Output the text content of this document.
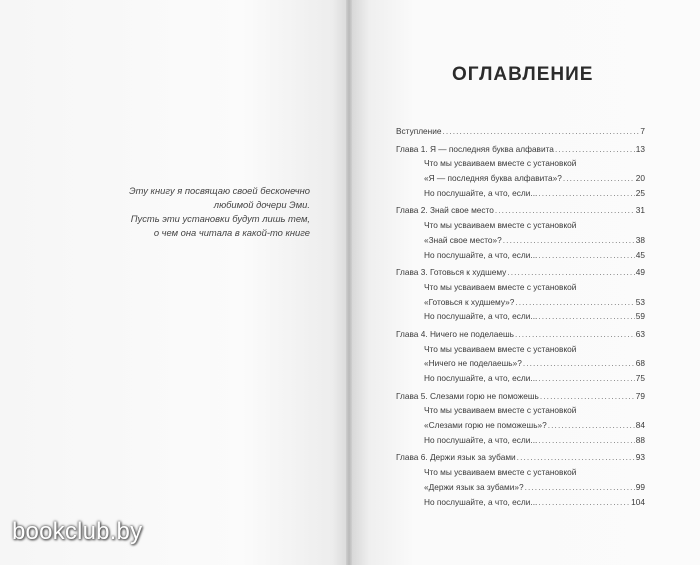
Эту книгу я посвящаю своей бесконечно
любимой дочери Эми.
Пусть эти установки будут лишь тем,
о чем она читала в какой-то книге
ОГЛАВЛЕНИЕ
Вступление .....	7
Глава 1. Я — последняя буква алфавита .....	13
Что мы усваиваем вместе с установкой
«Я — последняя буква алфавита»? .....	20
Но послушайте, а что, если... .....	25
Глава 2. Знай свое место .....	31
Что мы усваиваем вместе с установкой
«Знай свое место»? .....	38
Но послушайте, а что, если... .....	45
Глава 3. Готовься к худшему .....	49
Что мы усваиваем вместе с установкой
«Готовься к худшему»? .....	53
Но послушайте, а что, если... .....	59
Глава 4. Ничего не поделаешь .....	63
Что мы усваиваем вместе с установкой
«Ничего не поделаешь»? .....	68
Но послушайте, а что, если... .....	75
Глава 5. Слезами горю не поможешь .....	79
Что мы усваиваем вместе с установкой
«Слезами горю не поможешь»? .....	84
Но послушайте, а что, если... .....	88
Глава 6. Держи язык за зубами .....	93
Что мы усваиваем вместе с установкой
«Держи язык за зубами»? .....	99
Но послушайте, а что, если... .....	104
bookclub.by
